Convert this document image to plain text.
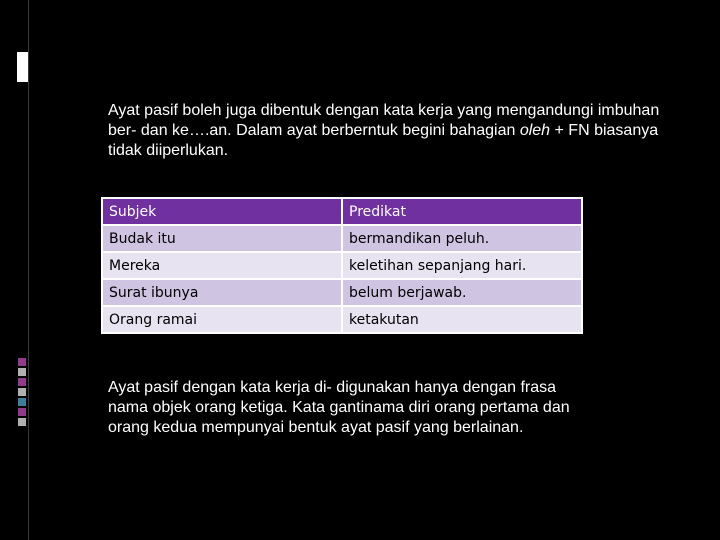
Ayat pasif boleh juga dibentuk dengan kata kerja yang mengandungi imbuhan ber- dan ke….an. Dalam ayat berberntuk begini bahagian oleh + FN biasanya tidak diiperlukan.

Subjek	Predikat
Budak itu	bermandikan peluh.
Mereka	keletihan sepanjang hari.
Surat ibunya	belum berjawab.
Orang ramai	ketakutan

Ayat pasif dengan kata kerja di- digunakan hanya dengan frasa nama objek orang ketiga. Kata gantinama diri orang pertama dan orang kedua mempunyai bentuk ayat pasif yang berlainan.
